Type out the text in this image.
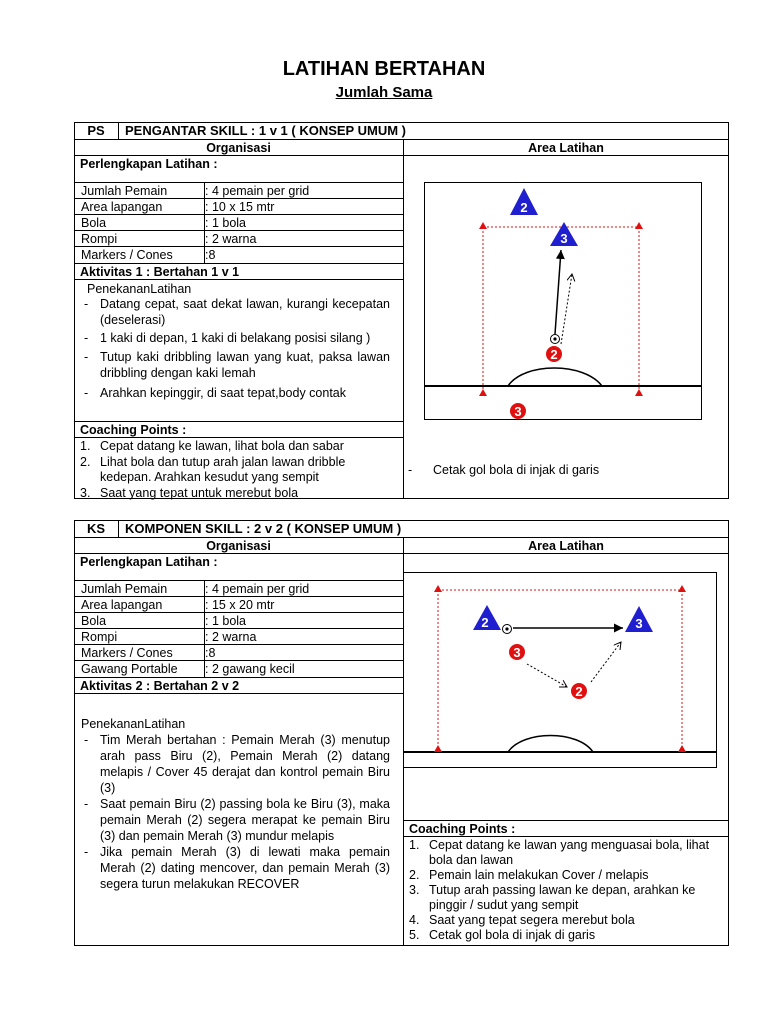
LATIHAN BERTAHAN
Jumlah Sama
PS	PENGANTAR SKILL : 1 v 1 ( KONSEP UMUM )
Organisasi	Area Latihan
Perlengkapan Latihan :
Jumlah Pemain	: 4 pemain per grid
Area lapangan	: 10 x 15 mtr
Bola	: 1 bola
Rompi	: 2 warna
Markers / Cones	:8
Aktivitas 1 : Bertahan 1 v 1
PenekananLatihan
- Datang cepat, saat dekat lawan, kurangi kecepatan (deselerasi)
- 1 kaki di depan, 1 kaki di belakang posisi silang )
- Tutup kaki dribbling lawan yang kuat, paksa lawan dribbling dengan kaki lemah
- Arahkan kepinggir, di saat tepat,body contak
Coaching Points :
1. Cepat datang ke lawan, lihat bola dan sabar
2. Lihat bola dan tutup arah jalan lawan dribble kedepan. Arahkan kesudut yang sempit
3. Saat yang tepat untuk merebut bola
2
3
2
3
- Cetak gol bola di injak di garis
KS	KOMPONEN SKILL : 2 v 2 ( KONSEP UMUM )
Organisasi	Area Latihan
Perlengkapan Latihan :
Jumlah Pemain	: 4 pemain per grid
Area lapangan	: 15 x 20 mtr
Bola	: 1 bola
Rompi	: 2 warna
Markers / Cones	:8
Gawang Portable : 2 gawang kecil
Aktivitas 2 : Bertahan 2 v 2
PenekananLatihan
- Tim Merah bertahan : Pemain Merah (3) menutup arah pass Biru (2), Pemain Merah (2) datang melapis / Cover 45 derajat dan kontrol pemain Biru (3)
- Saat pemain Biru (2) passing bola ke Biru (3), maka pemain Merah (2) segera merapat ke pemain Biru (3) dan pemain Merah (3) mundur melapis
- Jika pemain Merah (3) di lewati maka pemain Merah (2) dating mencover, dan pemain Merah (3) segera turun melakukan RECOVER
2	3
3
2
Coaching Points :
1. Cepat datang ke lawan yang menguasai bola, lihat bola dan lawan
2. Pemain lain melakukan Cover / melapis
3. Tutup arah passing lawan ke depan, arahkan ke pinggir / sudut yang sempit
4. Saat yang tepat segera merebut bola
5. Cetak gol bola di injak di garis
